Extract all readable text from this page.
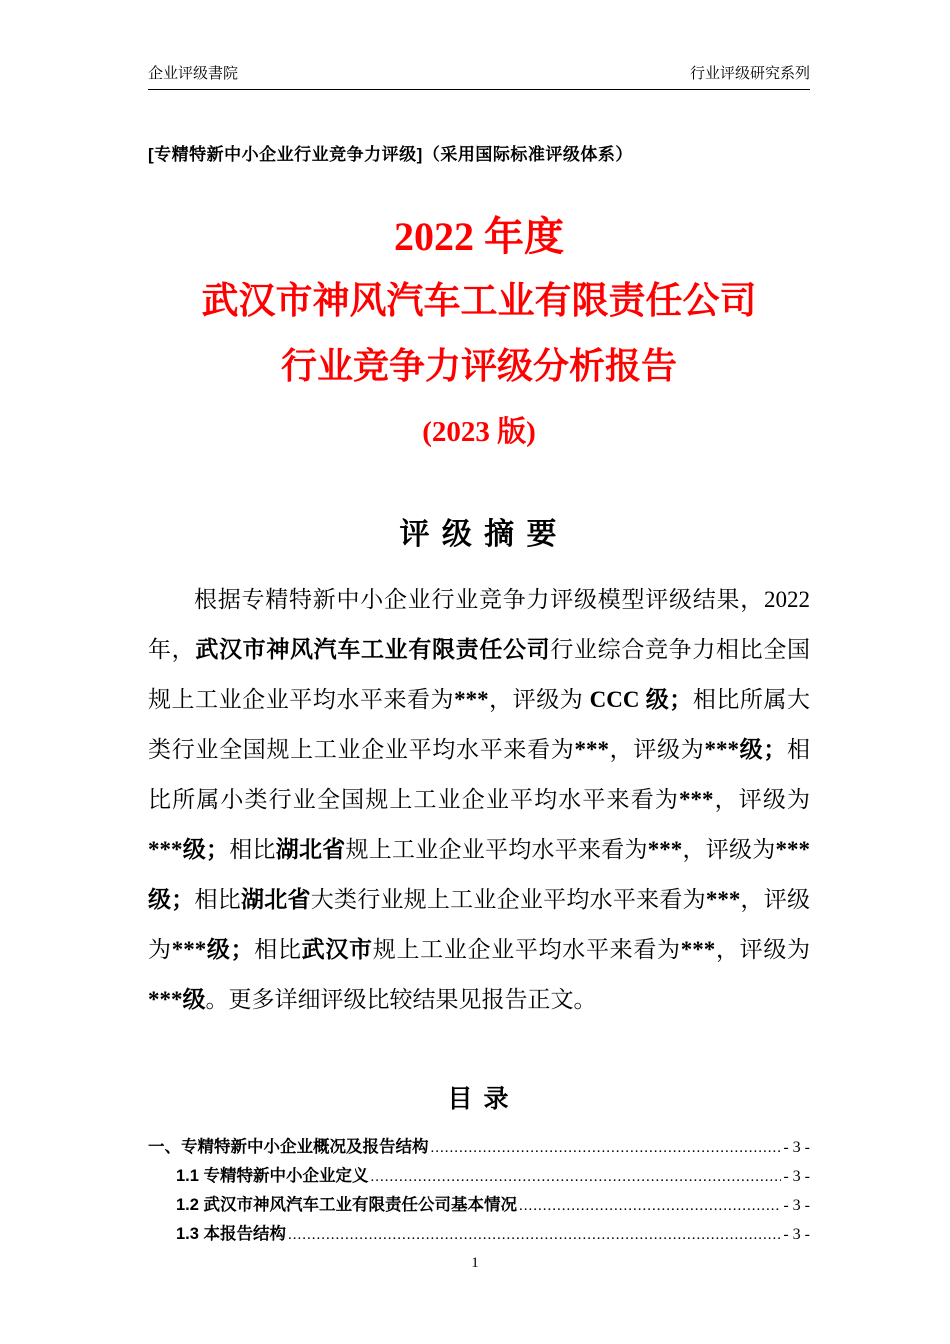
企业评级書院	行业评级研究系列
[专精特新中小企业行业竞争力评级]（采用国际标准评级体系）
2022 年度
武汉市神风汽车工业有限责任公司
行业竞争力评级分析报告
(2023 版)
评 级 摘 要

根据专精特新中小企业行业竞争力评级模型评级结果，2022 年，武汉市神风汽车工业有限责任公司行业综合竞争力相比全国规上工业企业平均水平来看为***，评级为 CCC 级；相比所属大类行业全国规上工业企业平均水平来看为***，评级为***级；相比所属小类行业全国规上工业企业平均水平来看为***，评级为***级；相比湖北省规上工业企业平均水平来看为***，评级为***级；相比湖北省大类行业规上工业企业平均水平来看为***，评级为***级；相比武汉市规上工业企业平均水平来看为***，评级为***级。更多详细评级比较结果见报告正文。

目 录
一、专精特新中小企业概况及报告结构 .....	- 3 -
1.1 专精特新中小企业定义 .....	- 3 -
1.2 武汉市神风汽车工业有限责任公司基本情况 .....	- 3 -
1.3 本报告结构 .....	- 3 -
1
